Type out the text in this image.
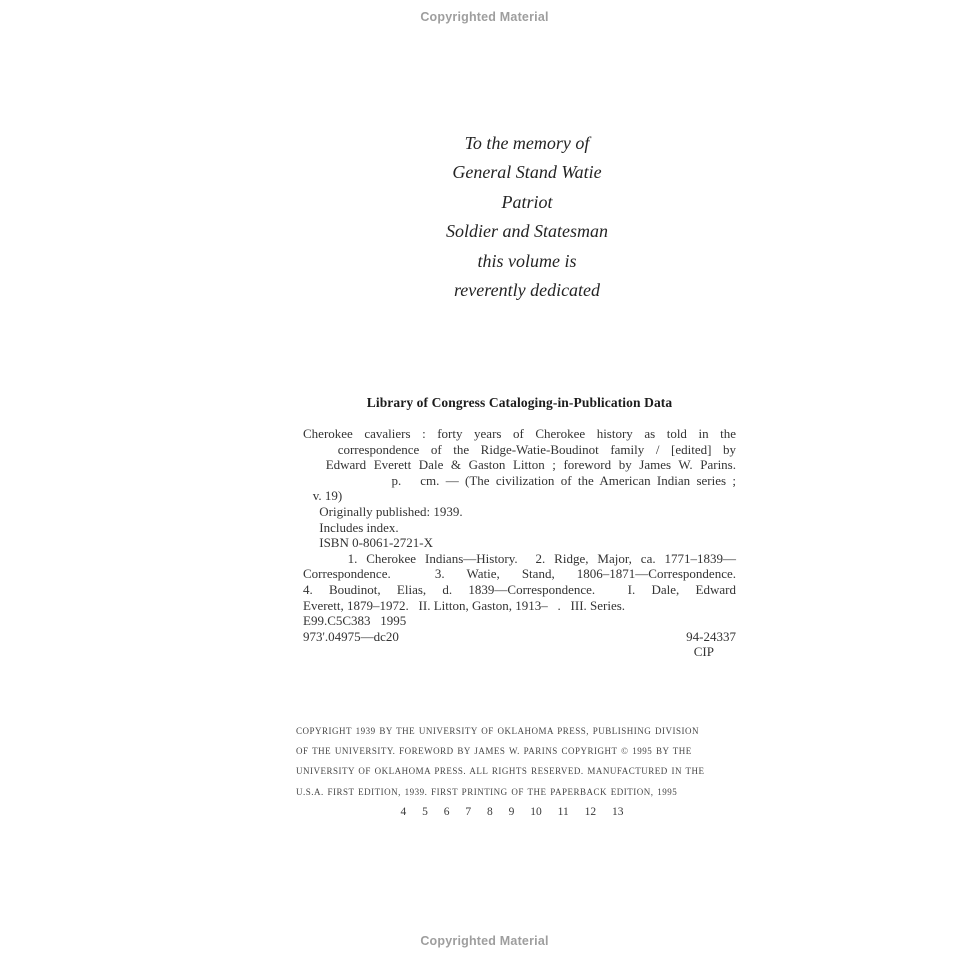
Copyrighted Material
To the memory of
General Stand Watie
Patriot
Soldier and Statesman
this volume is
reverently dedicated
Library of Congress Cataloging-in-Publication Data
Cherokee cavaliers : forty years of Cherokee history as told in the
correspondence of the Ridge-Watie-Boudinot family / [edited] by
Edward Everett Dale & Gaston Litton ; foreword by James W. Parins.
p.   cm. — (The civilization of the American Indian series ;
v. 19)
Originally published: 1939.
Includes index.
ISBN 0-8061-2721-X
1. Cherokee Indians—History.  2. Ridge, Major, ca. 1771–1839—
Correspondence.  3. Watie, Stand, 1806–1871—Correspondence.
4. Boudinot, Elias, d. 1839—Correspondence.  I. Dale, Edward
Everett, 1879–1972.   II. Litton, Gaston, 1913–   .   III. Series.
E99.C5C383   1995
973'.04975—dc20	94-24337
CIP
COPYRIGHT 1939 BY THE UNIVERSITY OF OKLAHOMA PRESS, PUBLISHING DIVISION
OF THE UNIVERSITY. FOREWORD BY JAMES W. PARINS COPYRIGHT © 1995 BY THE
UNIVERSITY OF OKLAHOMA PRESS. ALL RIGHTS RESERVED. MANUFACTURED IN THE
U.S.A. FIRST EDITION, 1939. FIRST PRINTING OF THE PAPERBACK EDITION, 1995
4 5 6 7 8 9 10 11 12 13
Copyrighted Material
